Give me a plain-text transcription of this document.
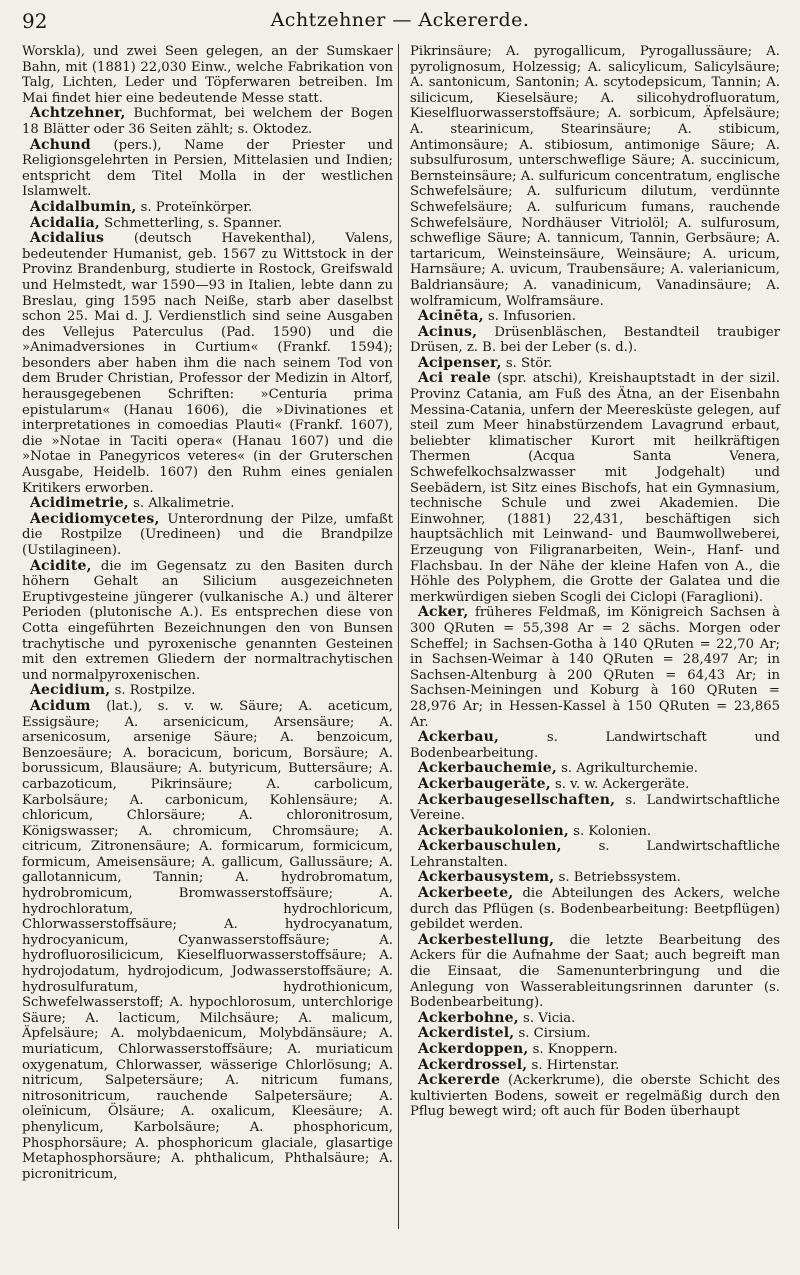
92	Achtzehner — Ackererde.

Worskla), und zwei Seen gelegen, an der Sumskaer Bahn, mit (1881) 22,030 Einw., welche Fabrikation von Talg, Lichten, Leder und Töpferwaren betreiben. Im Mai findet hier eine bedeutende Messe statt.

Achtzehner, Buchformat, bei welchem der Bogen 18 Blätter oder 36 Seiten zählt; s. Oktodez.

Achund (pers.), Name der Priester und Religionsgelehrten in Persien, Mittelasien und Indien; entspricht dem Titel Molla in der westlichen Islamwelt.

Acidalbumin, s. Proteïnkörper.

Acidalia, Schmetterling, s. Spanner.

Acidalius (deutsch Havekenthal), Valens, bedeutender Humanist, geb. 1567 zu Wittstock in der Provinz Brandenburg, studierte in Rostock, Greifswald und Helmstedt, war 1590—93 in Italien, lebte dann zu Breslau, ging 1595 nach Neiße, starb aber daselbst schon 25. Mai d. J. Verdienstlich sind seine Ausgaben des Vellejus Paterculus (Pad. 1590) und die »Animadversiones in Curtium« (Frankf. 1594); besonders aber haben ihm die nach seinem Tod von dem Bruder Christian, Professor der Medizin in Altorf, herausgegebenen Schriften: »Centuria prima epistularum« (Hanau 1606), die »Divinationes et interpretationes in comoedias Plauti« (Frankf. 1607), die »Notae in Taciti opera« (Hanau 1607) und die »Notae in Panegyricos veteres« (in der Gruterschen Ausgabe, Heidelb. 1607) den Ruhm eines genialen Kritikers erworben.

Acidimetrie, s. Alkalimetrie.

Aecidiomycetes, Unterordnung der Pilze, umfaßt die Rostpilze (Uredineen) und die Brandpilze (Ustilagineen).

Acidite, die im Gegensatz zu den Basiten durch höhern Gehalt an Silicium ausgezeichneten Eruptivgesteine jüngerer (vulkanische A.) und älterer Perioden (plutonische A.). Es entsprechen diese von Cotta eingeführten Bezeichnungen den von Bunsen trachytische und pyroxenische genannten Gesteinen mit den extremen Gliedern der normaltrachytischen und normalpyroxenischen.

Aecidium, s. Rostpilze.

Acidum (lat.), s. v. w. Säure; A. aceticum, Essigsäure; A. arsenicicum, Arsensäure; A. arsenicosum, arsenige Säure; A. benzoicum, Benzoesäure; A. boracicum, boricum, Borsäure; A. borussicum, Blausäure; A. butyricum, Buttersäure; A. carbazoticum, Pikrinsäure; A. carbolicum, Karbolsäure; A. carbonicum, Kohlensäure; A. chloricum, Chlorsäure; A. chloronitrosum, Königswasser; A. chromicum, Chromsäure; A. citricum, Zitronensäure; A. formicarum, formicicum, formicum, Ameisensäure; A. gallicum, Gallussäure; A. gallotannicum, Tannin; A. hydrobromatum, hydrobromicum, Bromwasserstoffsäure; A. hydrochloratum, hydrochloricum, Chlorwasserstoffsäure; A. hydrocyanatum, hydrocyanicum, Cyanwasserstoffsäure; A. hydrofluorosilicicum, Kieselfluorwasserstoffsäure; A. hydrojodatum, hydrojodicum, Jodwasserstoffsäure; A. hydrosulfuratum, hydrothionicum, Schwefelwasserstoff; A. hypochlorosum, unterchlorige Säure; A. lacticum, Milchsäure; A. malicum, Äpfelsäure; A. molybdaenicum, Molybdänsäure; A. muriaticum, Chlorwasserstoffsäure; A. muriaticum oxygenatum, Chlorwasser, wässerige Chlorlösung; A. nitricum, Salpetersäure; A. nitricum fumans, nitrosonitricum, rauchende Salpetersäure; A. oleïnicum, Ölsäure; A. oxalicum, Kleesäure; A. phenylicum, Karbolsäure; A. phosphoricum, Phosphorsäure; A. phosphoricum glaciale, glasartige Metaphosphorsäure; A. phthalicum, Phthalsäure; A. picronitricum,

Pikrinsäure; A. pyrogallicum, Pyrogallussäure; A. pyrolignosum, Holzessig; A. salicylicum, Salicylsäure; A. santonicum, Santonin; A. scytodepsicum, Tannin; A. silicicum, Kieselsäure; A. silicohydrofluoratum, Kieselfluorwasserstoffsäure; A. sorbicum, Äpfelsäure; A. stearinicum, Stearinsäure; A. stibicum, Antimonsäure; A. stibiosum, antimonige Säure; A. subsulfurosum, unterschweflige Säure; A. succinicum, Bernsteinsäure; A. sulfuricum concentratum, englische Schwefelsäure; A. sulfuricum dilutum, verdünnte Schwefelsäure; A. sulfuricum fumans, rauchende Schwefelsäure, Nordhäuser Vitriolöl; A. sulfurosum, schweflige Säure; A. tannicum, Tannin, Gerbsäure; A. tartaricum, Weinsteinsäure, Weinsäure; A. uricum, Harnsäure; A. uvicum, Traubensäure; A. valerianicum, Baldriansäure; A. vanadinicum, Vanadinsäure; A. wolframicum, Wolframsäure.

Acinēta, s. Infusorien.

Acinus, Drüsenbläschen, Bestandteil traubiger Drüsen, z. B. bei der Leber (s. d.).

Acipenser, s. Stör.

Aci reale (spr. atschi), Kreishauptstadt in der sizil. Provinz Catania, am Fuß des Ätna, an der Eisenbahn Messina-Catania, unfern der Meeresküste gelegen, auf steil zum Meer hinabstürzendem Lavagrund erbaut, beliebter klimatischer Kurort mit heilkräftigen Thermen (Acqua Santa Venera, Schwefelkochsalzwasser mit Jodgehalt) und Seebädern, ist Sitz eines Bischofs, hat ein Gymnasium, technische Schule und zwei Akademien. Die Einwohner, (1881) 22,431, beschäftigen sich hauptsächlich mit Leinwand- und Baumwollweberei, Erzeugung von Filigranarbeiten, Wein-, Hanf- und Flachsbau. In der Nähe der kleine Hafen von A., die Höhle des Polyphem, die Grotte der Galatea und die merkwürdigen sieben Scogli dei Ciclopi (Faraglioni).

Acker, früheres Feldmaß, im Königreich Sachsen à 300 QRuten = 55,398 Ar = 2 sächs. Morgen oder Scheffel; in Sachsen-Gotha à 140 QRuten = 22,70 Ar; in Sachsen-Weimar à 140 QRuten = 28,497 Ar; in Sachsen-Altenburg à 200 QRuten = 64,43 Ar; in Sachsen-Meiningen und Koburg à 160 QRuten = 28,976 Ar; in Hessen-Kassel à 150 QRuten = 23,865 Ar.

Ackerbau,	s. Landwirtschaft und Bodenbearbeitung.

Ackerbauchemie, s. Agrikulturchemie.

Ackerbaugeräte, s. v. w. Ackergeräte.

Ackerbaugesellschaften, s. Landwirtschaftliche Vereine.

Ackerbaukolonien, s. Kolonien.

Ackerbauschulen,	s. Landwirtschaftliche Lehranstalten.

Ackerbausystem, s. Betriebssystem.

Ackerbeete, die Abteilungen des Ackers, welche durch das Pflügen (s. Bodenbearbeitung: Beetpflügen) gebildet werden.

Ackerbestellung, die letzte Bearbeitung des Ackers für die Aufnahme der Saat; auch begreift man die Einsaat, die Samenunterbringung und die Anlegung von Wasserableitungsrinnen darunter (s. Bodenbearbeitung).

Ackerbohne, s. Vicia.

Ackerdistel, s. Cirsium.

Ackerdoppen, s. Knoppern.

Ackerdrossel, s. Hirtenstar.

Ackererde (Ackerkrume), die oberste Schicht des kultivierten Bodens, soweit er regelmäßig durch den Pflug bewegt wird; oft auch für Boden überhaupt
